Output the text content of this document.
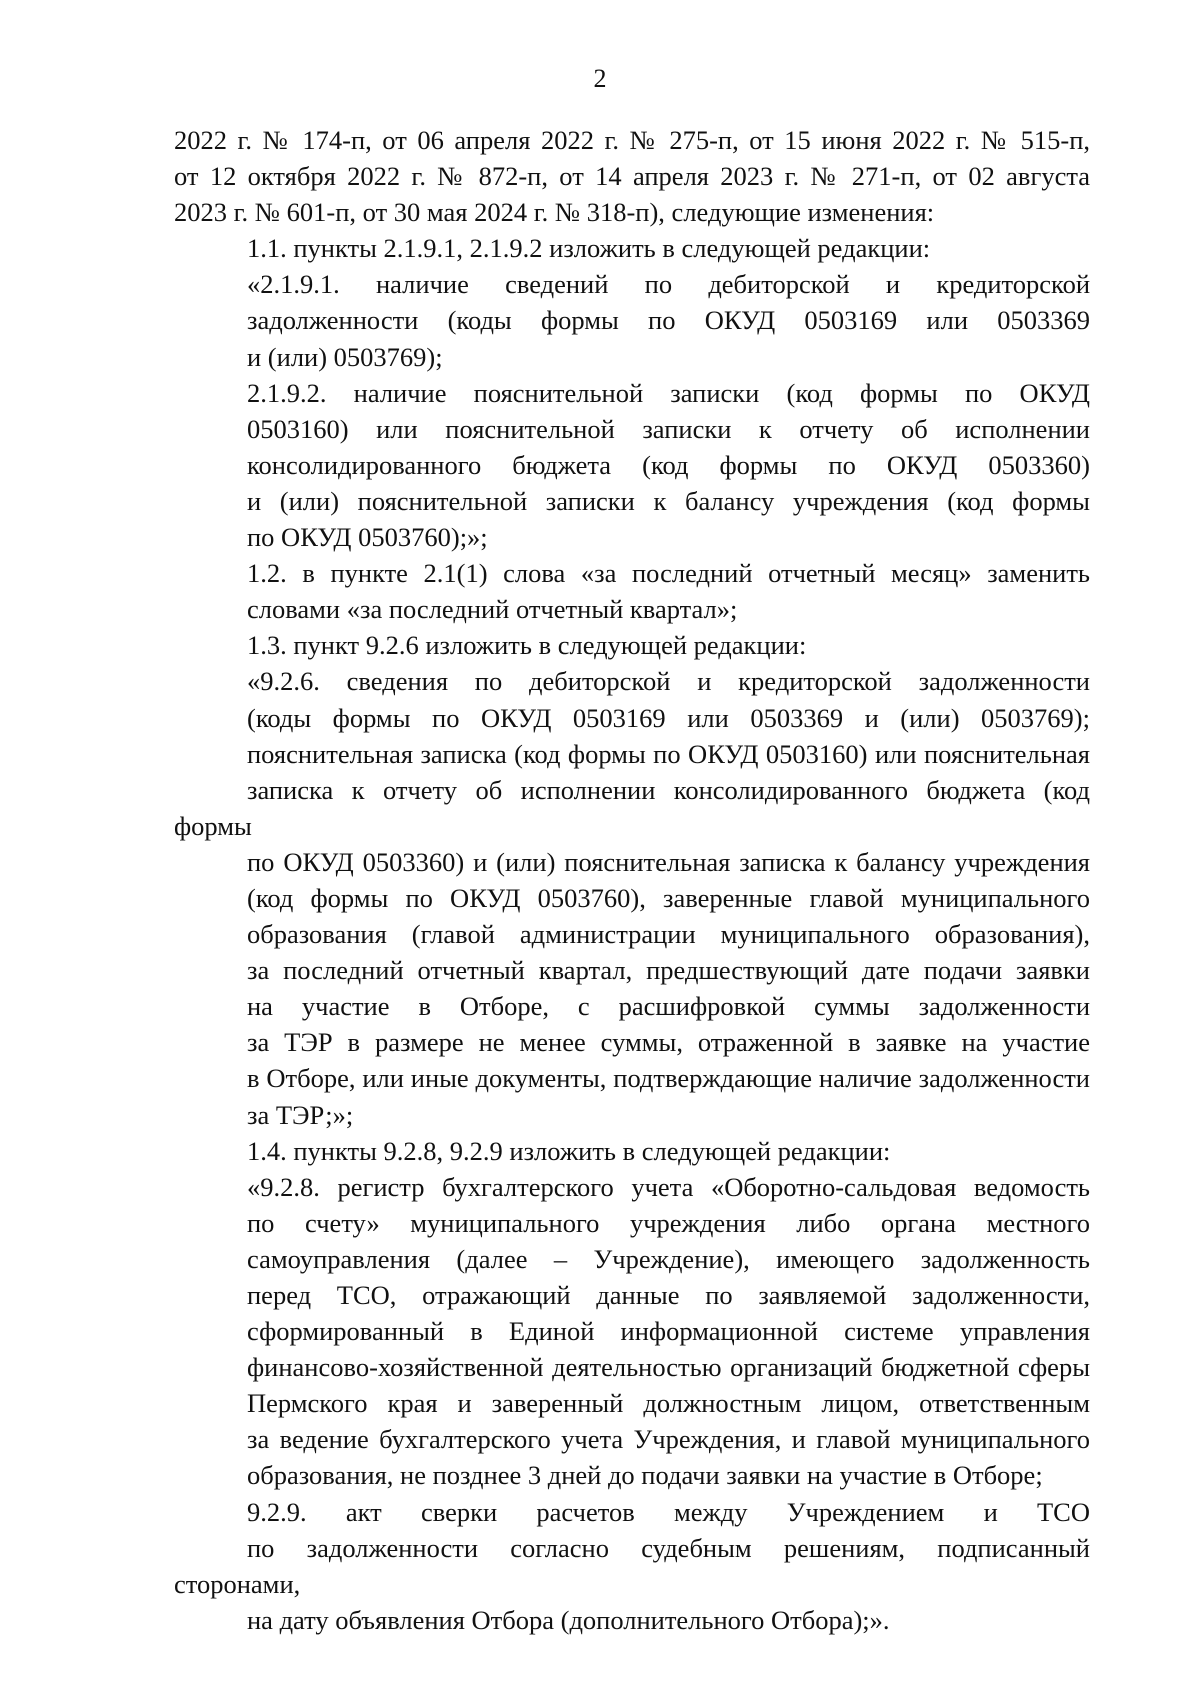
2
2022 г. № 174-п, от 06 апреля 2022 г. № 275-п, от 15 июня 2022 г. № 515-п,
от 12 октября 2022 г. № 872-п, от 14 апреля 2023 г. № 271-п, от 02 августа
2023 г. № 601-п, от 30 мая 2024 г. № 318-п), следующие изменения:
1.1. пункты 2.1.9.1, 2.1.9.2 изложить в следующей редакции:
«2.1.9.1. наличие сведений по дебиторской и кредиторской
задолженности (коды формы по ОКУД 0503169 или 0503369
и (или) 0503769);
2.1.9.2. наличие пояснительной записки (код формы по ОКУД
0503160) или пояснительной записки к отчету об исполнении
консолидированного бюджета (код формы по ОКУД 0503360)
и (или) пояснительной записки к балансу учреждения (код формы
по ОКУД 0503760);»;
1.2. в пункте 2.1(1) слова «за последний отчетный месяц» заменить
словами «за последний отчетный квартал»;
1.3. пункт 9.2.6 изложить в следующей редакции:
«9.2.6. сведения по дебиторской и кредиторской задолженности
(коды формы по ОКУД 0503169 или 0503369 и (или) 0503769);
пояснительная записка (код формы по ОКУД 0503160) или пояснительная
записка к отчету об исполнении консолидированного бюджета (код формы
по ОКУД 0503360) и (или) пояснительная записка к балансу учреждения
(код формы по ОКУД 0503760), заверенные главой муниципального
образования (главой администрации муниципального образования),
за последний отчетный квартал, предшествующий дате подачи заявки
на участие в Отборе, с расшифровкой суммы задолженности
за ТЭР в размере не менее суммы, отраженной в заявке на участие
в Отборе, или иные документы, подтверждающие наличие задолженности
за ТЭР;»;
1.4. пункты 9.2.8, 9.2.9 изложить в следующей редакции:
«9.2.8. регистр бухгалтерского учета «Оборотно-сальдовая ведомость
по счету» муниципального учреждения либо органа местного
самоуправления (далее – Учреждение), имеющего задолженность
перед ТСО, отражающий данные по заявляемой задолженности,
сформированный в Единой информационной системе управления
финансово-хозяйственной деятельностью организаций бюджетной сферы
Пермского края и заверенный должностным лицом, ответственным
за ведение бухгалтерского учета Учреждения, и главой муниципального
образования, не позднее 3 дней до подачи заявки на участие в Отборе;
9.2.9. акт сверки расчетов между Учреждением и ТСО
по задолженности согласно судебным решениям, подписанный сторонами,
на дату объявления Отбора (дополнительного Отбора);».
